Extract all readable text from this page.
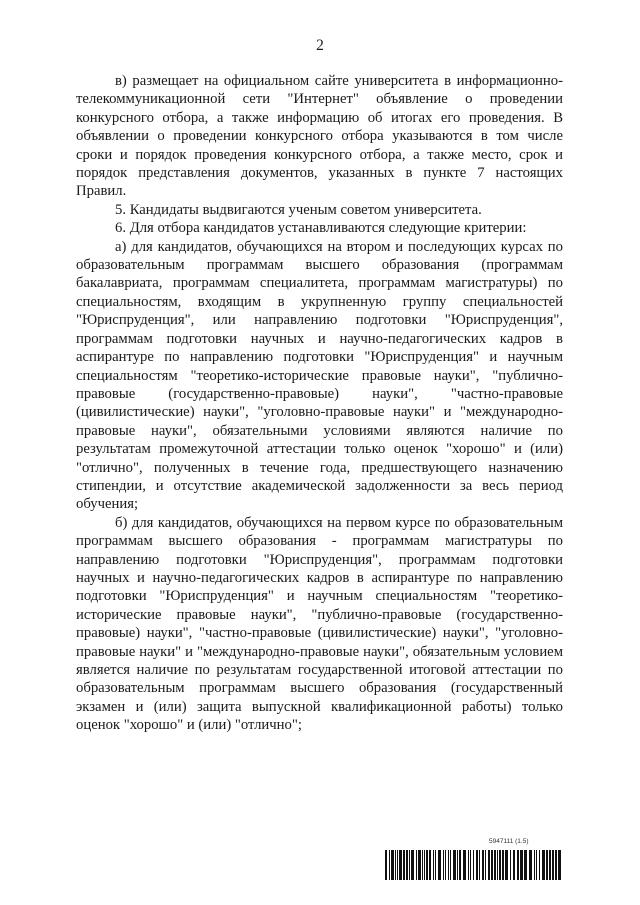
2

в) размещает на официальном сайте университета в информационно-телекоммуникационной сети "Интернет" объявление о проведении конкурсного отбора, а также информацию об итогах его проведения. В объявлении о проведении конкурсного отбора указываются в том числе сроки и порядок проведения конкурсного отбора, а также место, срок и порядок представления документов, указанных в пункте 7 настоящих Правил.

5. Кандидаты выдвигаются ученым советом университета.

6. Для отбора кандидатов устанавливаются следующие критерии:

а) для кандидатов, обучающихся на втором и последующих курсах по образовательным программам высшего образования (программам бакалавриата, программам специалитета, программам магистратуры) по специальностям, входящим в укрупненную группу специальностей "Юриспруденция", или направлению подготовки "Юриспруденция", программам подготовки научных и научно-педагогических кадров в аспирантуре по направлению подготовки "Юриспруденция" и научным специальностям "теоретико-исторические правовые науки", "публично-правовые (государственно-правовые) науки", "частно-правовые (цивилистические) науки", "уголовно-правовые науки" и "международно-правовые науки", обязательными условиями являются наличие по результатам промежуточной аттестации только оценок "хорошо" и (или) "отлично", полученных в течение года, предшествующего назначению стипендии, и отсутствие академической задолженности за весь период обучения;

б) для кандидатов, обучающихся на первом курсе по образовательным программам высшего образования - программам магистратуры по направлению подготовки "Юриспруденция", программам подготовки научных и научно-педагогических кадров в аспирантуре по направлению подготовки "Юриспруденция" и научным специальностям "теоретико-исторические правовые науки", "публично-правовые (государственно-правовые) науки", "частно-правовые (цивилистические) науки", "уголовно-правовые науки" и "международно-правовые науки", обязательным условием является наличие по результатам государственной итоговой аттестации по образовательным программам высшего образования (государственный экзамен и (или) защита выпускной квалификационной работы) только оценок "хорошо" и (или) "отлично";

5947111 (1.5)
